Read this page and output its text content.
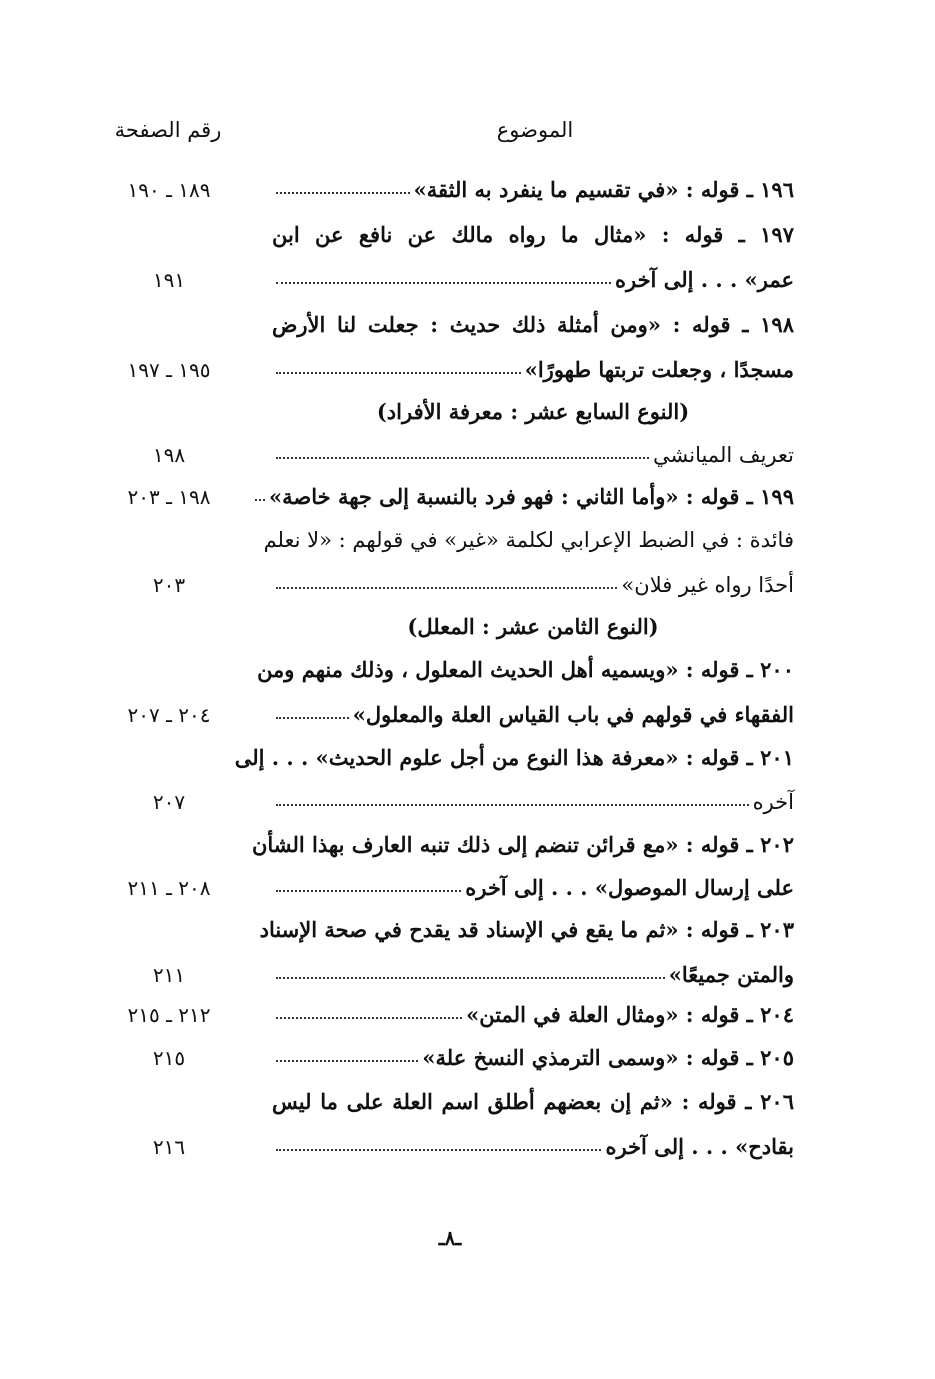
الموضوع
رقم الصفحة
١٩٦ ـ قوله : «في تقسيم ما ينفرد به الثقة»
١٨٩ ـ ١٩٠
١٩٧ ـ قوله : «مثال ما رواه مالك عن نافع عن ابن
عمر» . . . إلى آخره
١٩١
١٩٨ ـ قوله : «ومن أمثلة ذلك حديث : جعلت لنا الأرض
مسجدًا ، وجعلت تربتها طهورًا»
١٩٥ ـ ١٩٧
(النوع السابع عشر : معرفة الأفراد)
تعريف الميانشي
١٩٨
١٩٩ ـ قوله : «وأما الثاني : فهو فرد بالنسبة إلى جهة خاصة»
١٩٨ ـ ٢٠٣
فائدة : في الضبط الإعرابي لكلمة «غير» في قولهم : «لا نعلم
أحدًا رواه غير فلان»
٢٠٣
(النوع الثامن عشر : المعلل)
٢٠٠ ـ قوله : «ويسميه أهل الحديث المعلول ، وذلك منهم ومن
الفقهاء في قولهم في باب القياس العلة والمعلول»
٢٠٤ ـ ٢٠٧
٢٠١ ـ قوله : «معرفة هذا النوع من أجل علوم الحديث» . . . إلى
آخره
٢٠٧
٢٠٢ ـ قوله : «مع قرائن تنضم إلى ذلك تنبه العارف بهذا الشأن
على إرسال الموصول» . . . إلى آخره
٢٠٨ ـ ٢١١
٢٠٣ ـ قوله : «ثم ما يقع في الإسناد قد يقدح في صحة الإسناد
والمتن جميعًا»
٢١١
٢٠٤ ـ قوله : «ومثال العلة في المتن»
٢١٢ ـ ٢١٥
٢٠٥ ـ قوله : «وسمى الترمذي النسخ علة»
٢١٥
٢٠٦ ـ قوله : «ثم إن بعضهم أطلق اسم العلة على ما ليس
بقادح» . . . إلى آخره
٢١٦
ـ٨ـ
